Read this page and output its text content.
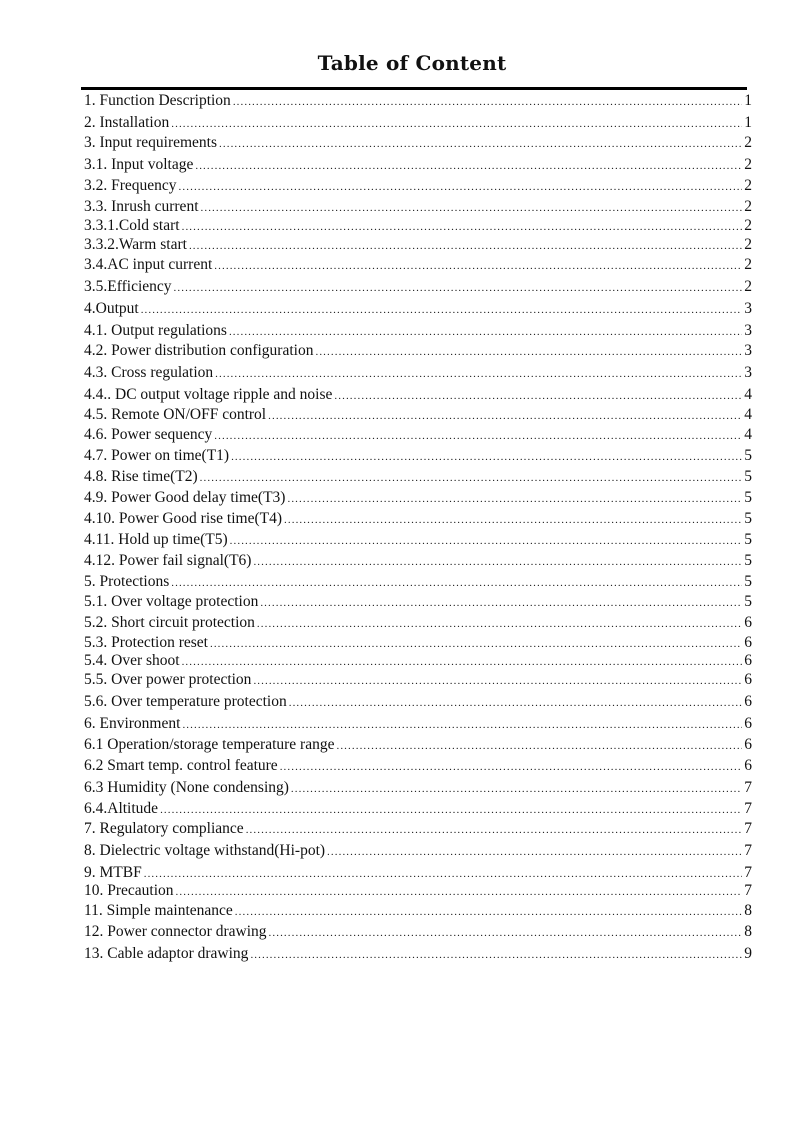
Table of Content
1. Function Description .....	1
2. Installation .....	1
3. Input requirements .....	2
3.1. Input voltage .....	2
3.2. Frequency .....	2
3.3. Inrush current .....	2
3.3.1.Cold start .....	2
3.3.2.Warm start .....	2
3.4.AC input current .....	2
3.5.Efficiency .....	2
4.Output .....	3
4.1. Output regulations .....	3
4.2. Power distribution configuration .....	3
4.3. Cross regulation .....	3
4.4.. DC output voltage ripple and noise .....	4
4.5. Remote ON/OFF control .....	4
4.6. Power sequency .....	4
4.7. Power on time(T1) .....	5
4.8. Rise time(T2) .....	5
4.9. Power Good delay time(T3) .....	5
4.10. Power Good rise time(T4) .....	5
4.11. Hold up time(T5) .....	5
4.12. Power fail signal(T6) .....	5
5. Protections .....	5
5.1. Over voltage protection .....	5
5.2. Short circuit protection .....	6
5.3. Protection reset .....	6
5.4. Over shoot .....	6
5.5. Over power protection .....	6
5.6. Over temperature protection .....	6
6. Environment .....	6
6.1 Operation/storage temperature range .....	6
6.2 Smart temp. control feature .....	6
6.3 Humidity (None condensing) .....	7
6.4.Altitude .....	7
7. Regulatory compliance .....	7
8. Dielectric voltage withstand(Hi-pot) .....	7
9. MTBF .....	7
10. Precaution .....	7
11. Simple maintenance .....	8
12. Power connector drawing .....	8
13. Cable adaptor drawing .....	9
